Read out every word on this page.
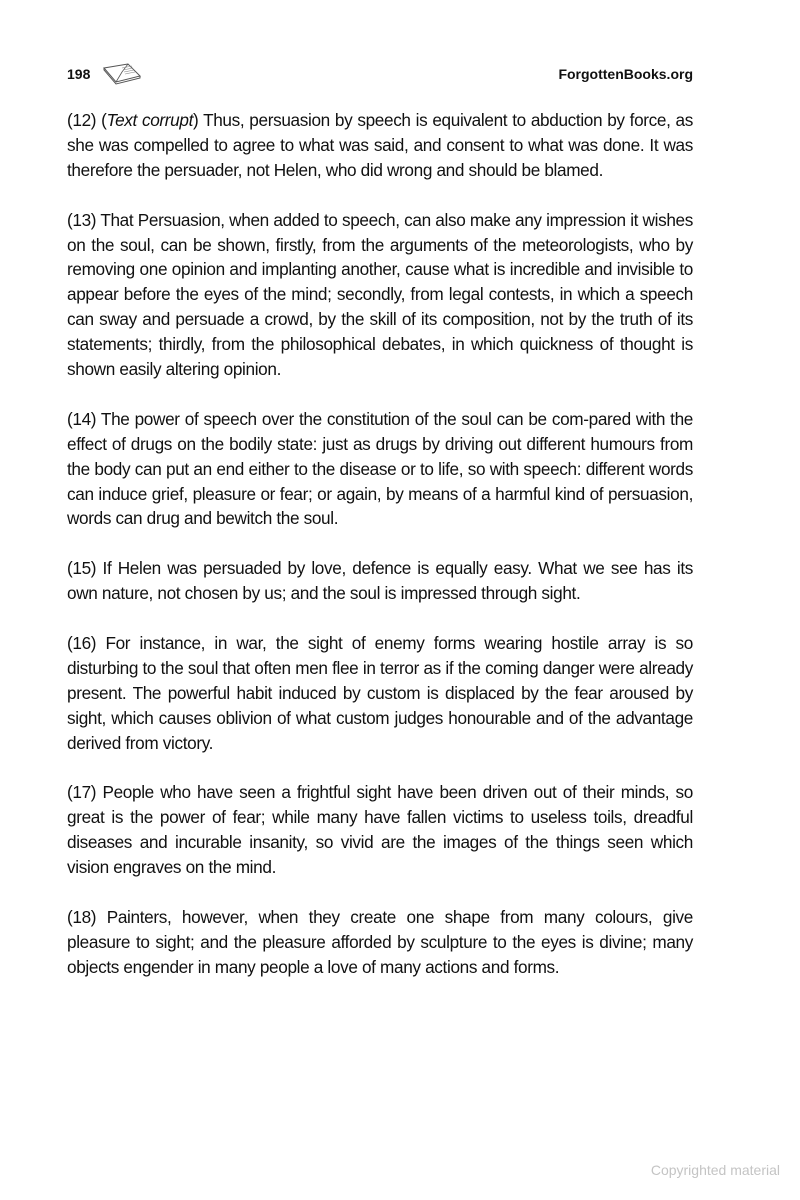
198	ForgottenBooks.org

(12) (Text corrupt) Thus, persuasion by speech is equivalent to abduction by force, as she was compelled to agree to what was said, and consent to what was done. It was therefore the persuader, not Helen, who did wrong and should be blamed.

(13) That Persuasion, when added to speech, can also make any impression it wishes on the soul, can be shown, firstly, from the arguments of the meteorologists, who by removing one opinion and implanting another, cause what is incredible and invisible to appear before the eyes of the mind; secondly, from legal contests, in which a speech can sway and persuade a crowd, by the skill of its composition, not by the truth of its statements; thirdly, from the philosophical debates, in which quickness of thought is shown easily altering opinion.

(14) The power of speech over the constitution of the soul can be com-pared with the effect of drugs on the bodily state: just as drugs by driving out different humours from the body can put an end either to the disease or to life, so with speech: different words can induce grief, pleasure or fear; or again, by means of a harmful kind of persuasion, words can drug and bewitch the soul.

(15) If Helen was persuaded by love, defence is equally easy. What we see has its own nature, not chosen by us; and the soul is impressed through sight.

(16) For instance, in war, the sight of enemy forms wearing hostile array is so disturbing to the soul that often men flee in terror as if the coming danger were already present. The powerful habit induced by custom is displaced by the fear aroused by sight, which causes oblivion of what custom judges honourable and of the advantage derived from victory.

(17) People who have seen a frightful sight have been driven out of their minds, so great is the power of fear; while many have fallen victims to useless toils, dreadful diseases and incurable insanity, so vivid are the images of the things seen which vision engraves on the mind.

(18) Painters, however, when they create one shape from many colours, give pleasure to sight; and the pleasure afforded by sculpture to the eyes is divine; many objects engender in many people a love of many actions and forms.

Copyrighted material
